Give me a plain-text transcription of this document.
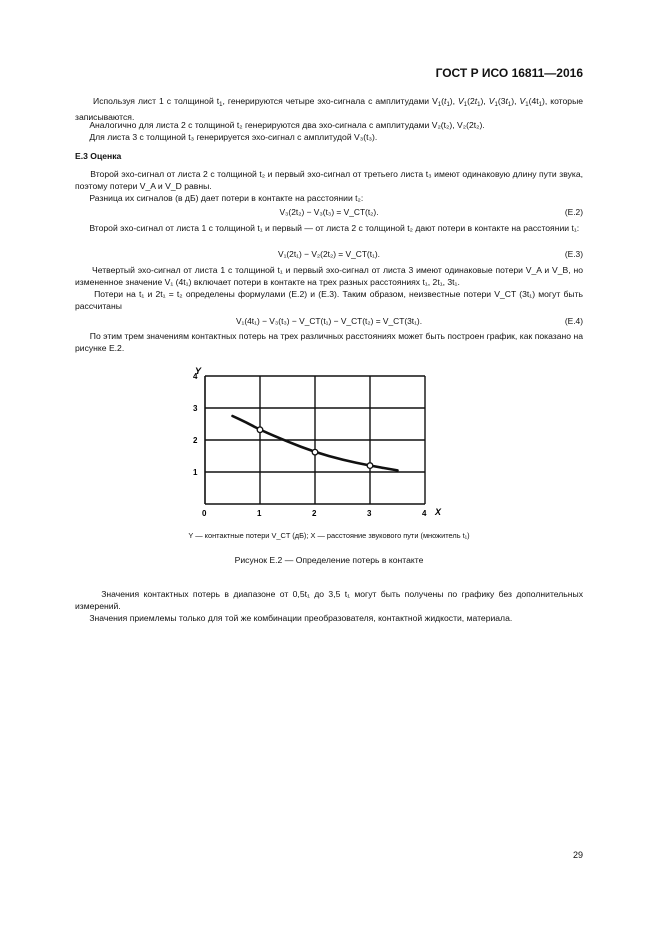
ГОСТ Р ИСО 16811—2016
Используя лист 1 с толщиной $t_1$, генерируются четыре эхо-сигнала с амплитудами $V_1(t_1)$, $V_1(2t_1)$, $V_1(3t_1)$, $V_1(4t_1)$, которые записываются.
Аналогично для листа 2 с толщиной t₂ генерируются два эхо-сигнала с амплитудами V₂(t₂), V₂(2t₂).
Для листа 3 с толщиной t₃ генерируется эхо-сигнал с амплитудой V₃(t₃).
Е.3 Оценка
Второй эхо-сигнал от листа 2 с толщиной t₂ и первый эхо-сигнал от третьего листа t₃ имеют одинаковую длину пути звука, поэтому потери V_A и V_D равны.
Разница их сигналов (в дБ) дает потери в контакте на расстоянии t₂:
V₃(2t₂) − V₃(t₃) = V_CT(t₂).	(Е.2)
Второй эхо-сигнал от листа 1 с толщиной t₁ и первый — от листа 2 с толщиной t₂ дают потери в контакте на расстоянии t₁:
V₁(2t₁) − V₂(2t₂) = V_CT(t₁).	(Е.3)
Четвертый эхо-сигнал от листа 1 с толщиной t₁ и первый эхо-сигнал от листа 3 имеют одинаковые потери V_A и V_B, но измененное значение V₁ (4t₁) включает потери в контакте на трех разных расстояниях t₁, 2t₁, 3t₁.
Потери на t₁ и 2t₁ = t₂ определены формулами (Е.2) и (Е.3). Таким образом, неизвестные потери V_CT (3t₁) могут быть рассчитаны
V₁(4t₁) − V₃(t₃) − V_CT(t₁) − V_CT(t₂) = V_CT(3t₁).	(Е.4)
По этим трем значениям контактных потерь на трех различных расстояниях может быть построен график, как показано на рисунке Е.2.
Y
X
0	1	2	3	4
1
2
3
4
Y — контактные потери V_CT (дБ); X — расстояние звукового пути (множитель t₁)
Рисунок Е.2 — Определение потерь в контакте
Значения контактных потерь в диапазоне от 0,5t₁ до 3,5 t₁ могут быть получены по графику без дополнительных измерений.
Значения приемлемы только для той же комбинации преобразователя, контактной жидкости, материала.
29
